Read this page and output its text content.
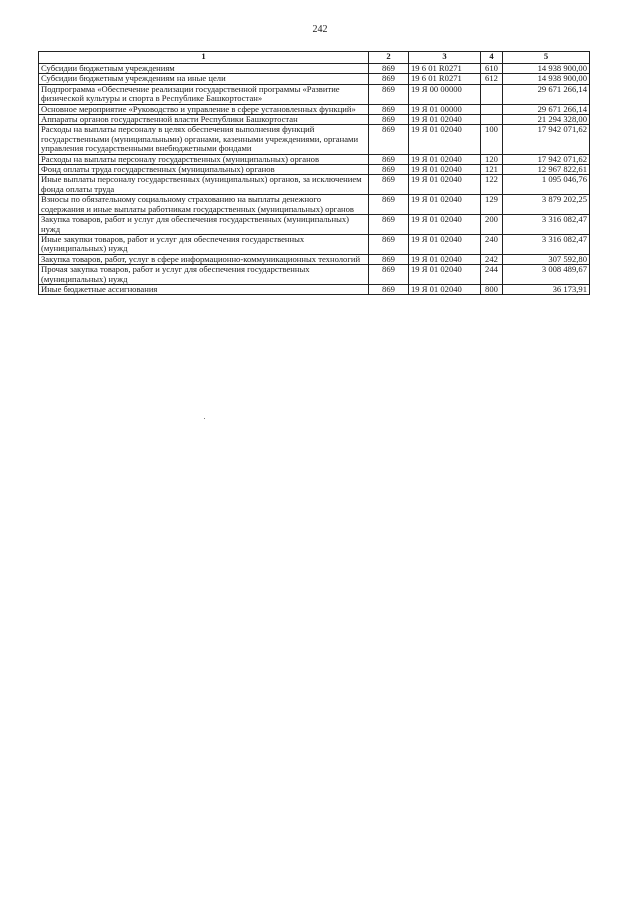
242
1	2	3	4	5
Субсидии бюджетным учреждениям	869	19 6 01 R0271	610	14 938 900,00
Субсидии бюджетным учреждениям на иные цели	869	19 6 01 R0271	612	14 938 900,00
Подпрограмма «Обеспечение реализации государственной программы «Развитие физической культуры и спорта в Республике Башкортостан»	869	19 Я 00 00000		29 671 266,14
Основное мероприятие «Руководство и управление в сфере установленных функций»	869	19 Я 01 00000		29 671 266,14
Аппараты органов государственной власти Республики Башкортостан	869	19 Я 01 02040		21 294 328,00
Расходы на выплаты персоналу в целях обеспечения выполнения функций государственными (муниципальными) органами, казенными учреждениями, органами управления государственными внебюджетными фондами	869	19 Я 01 02040	100	17 942 071,62
Расходы на выплаты персоналу государственных (муниципальных) органов	869	19 Я 01 02040	120	17 942 071,62
Фонд оплаты труда государственных (муниципальных) органов	869	19 Я 01 02040	121	12 967 822,61
Иные выплаты персоналу государственных (муниципальных) органов, за исключением фонда оплаты труда	869	19 Я 01 02040	122	1 095 046,76
Взносы по обязательному социальному страхованию на выплаты денежного содержания и иные выплаты работникам государственных (муниципальных) органов	869	19 Я 01 02040	129	3 879 202,25
Закупка товаров, работ и услуг для обеспечения государственных (муниципальных) нужд	869	19 Я 01 02040	200	3 316 082,47
Иные закупки товаров, работ и услуг для обеспечения государственных (муниципальных) нужд	869	19 Я 01 02040	240	3 316 082,47
Закупка товаров, работ, услуг в сфере информационно-коммуникационных технологий	869	19 Я 01 02040	242	307 592,80
Прочая закупка товаров, работ и услуг для обеспечения государственных (муниципальных) нужд	869	19 Я 01 02040	244	3 008 489,67
Иные бюджетные ассигнования	869	19 Я 01 02040	800	36 173,91
